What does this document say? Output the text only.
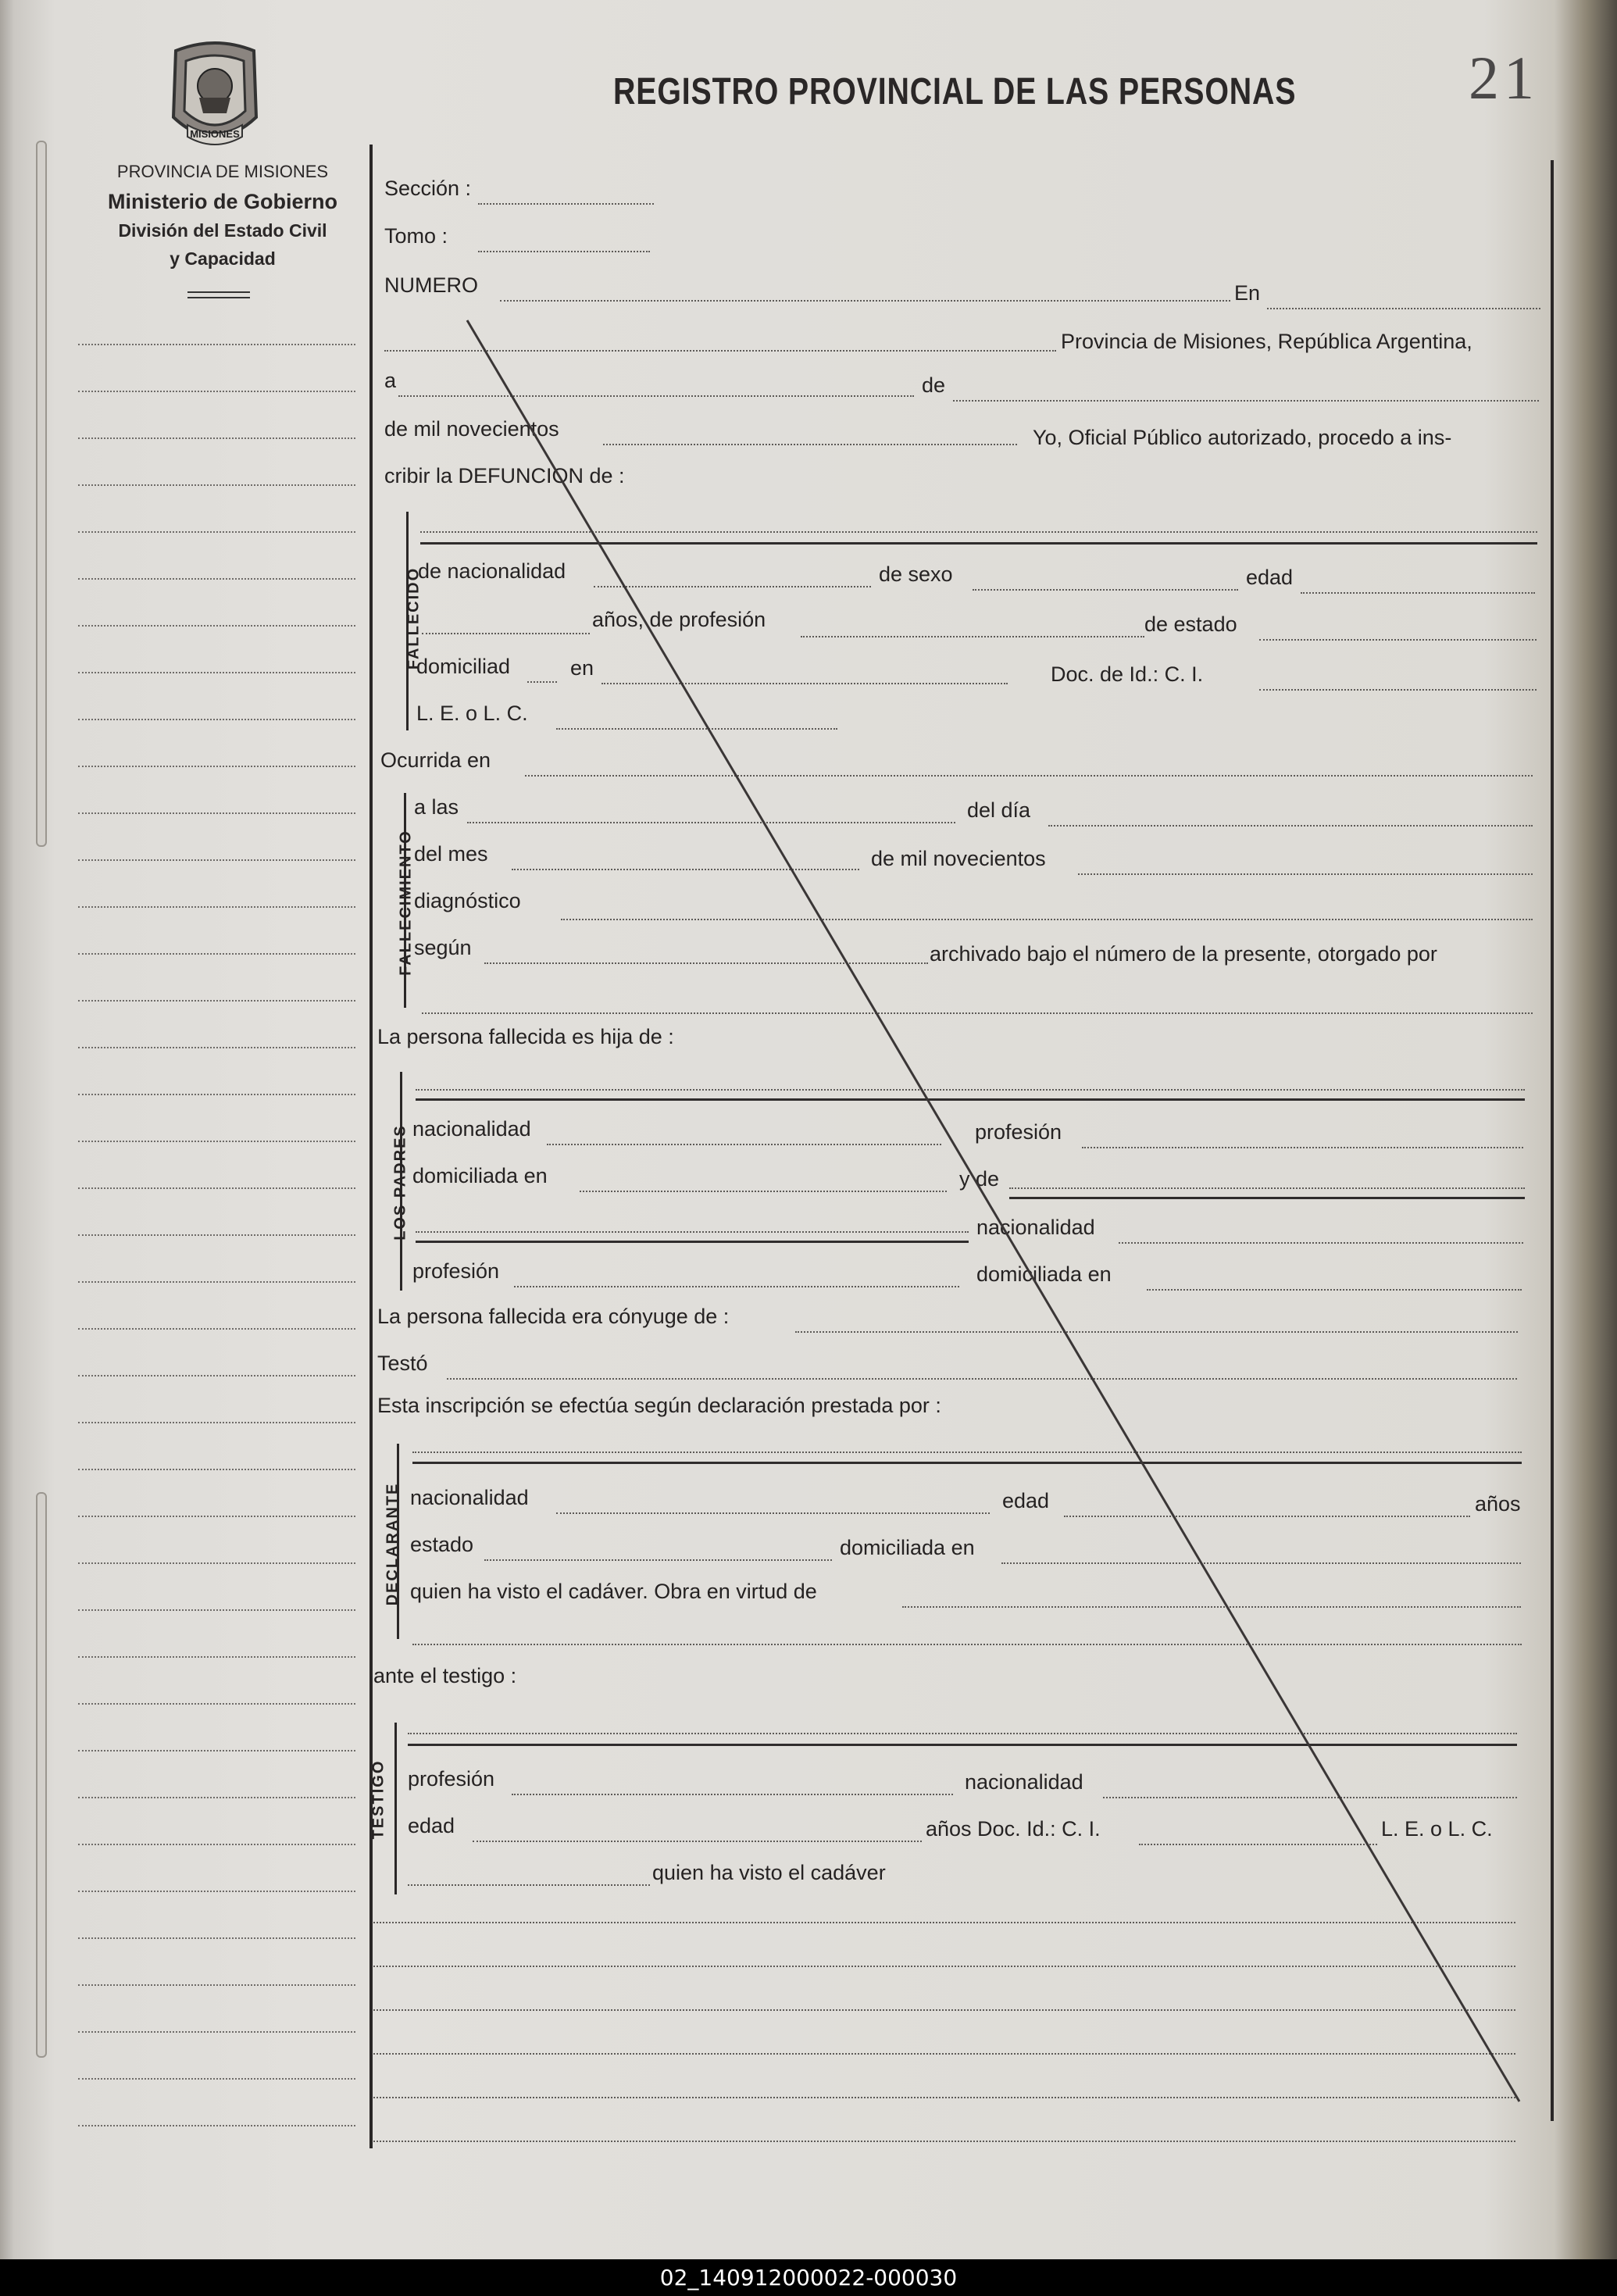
MISIONES
PROVINCIA DE MISIONES
Ministerio de Gobierno
División del Estado Civil
y Capacidad
REGISTRO PROVINCIAL DE LAS PERSONAS	21
Sección :
Tomo :
NUMERO	En
Provincia de Misiones, República Argentina,
a	de
de mil novecientos	Yo, Oficial Público autorizado, procedo a ins-
cribir la DEFUNCION de :
FALLECIDO
de nacionalidad	de sexo	edad
años, de profesión	de estado
domiciliad	en	Doc. de Id.: C. I.
L. E. o L. C.
Ocurrida en
FALLECIMIENTO
a las	del día
del mes	de mil novecientos
diagnóstico
según	archivado bajo el número de la presente, otorgado por
La persona fallecida es hija de :
LOS PADRES nacionalidad	profesión
domiciliada en	y de
nacionalidad
profesión	domiciliada en
La persona fallecida era cónyuge de :
Testó
Esta inscripción se efectúa según declaración prestada por :
DECLARANTE nacionalidad	edad	años
estado	domiciliada en
quien ha visto el cadáver. Obra en virtud de
ante el testigo :
TESTIGO profesión	nacionalidad
edad	años Doc. Id.: C. I.	L. E. o L. C.
quien ha visto el cadáver
02_140912000022-000030
